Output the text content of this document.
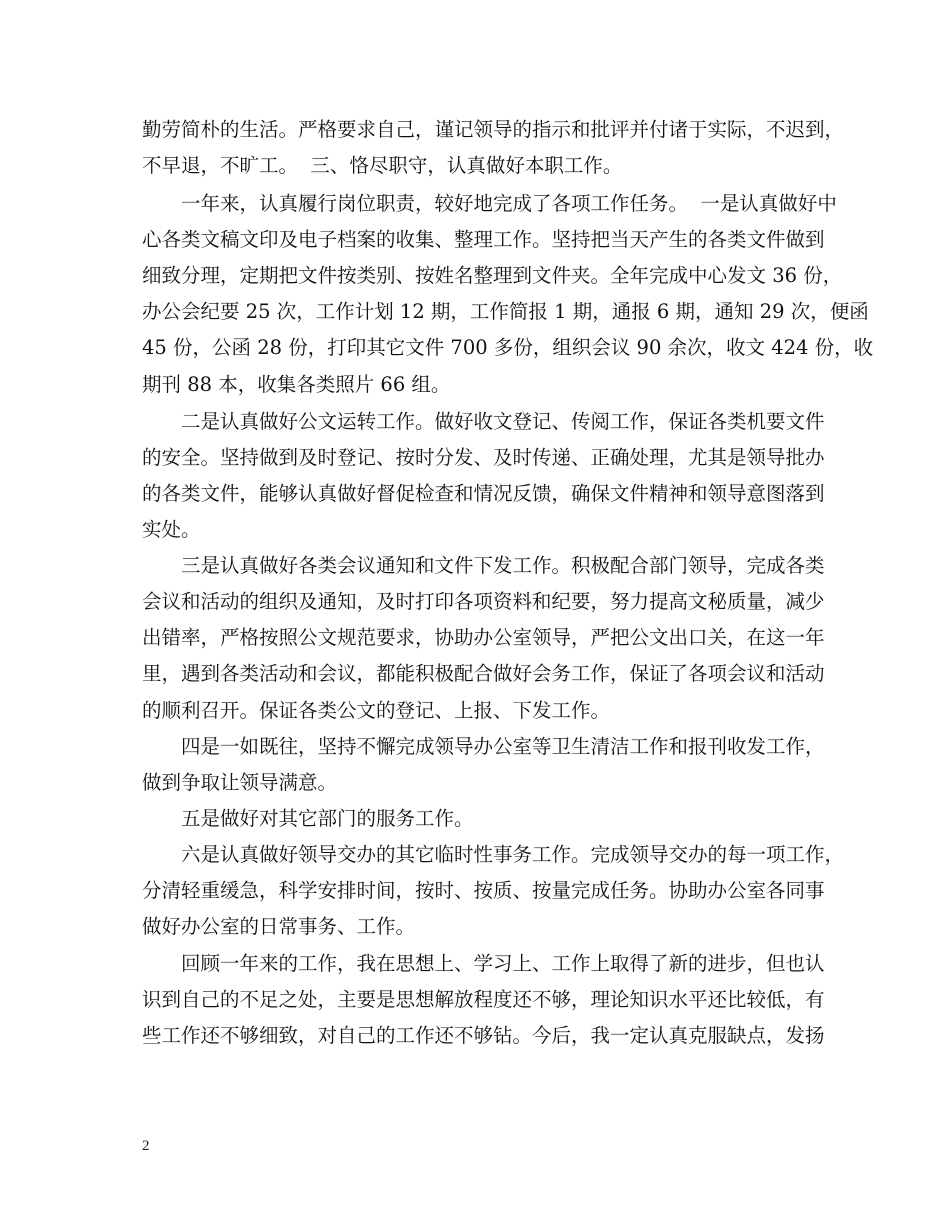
勤劳简朴的生活。严格要求自己，谨记领导的指示和批评并付诸于实际，不迟到，
不早退，不旷工。  三、恪尽职守，认真做好本职工作。
一年来，认真履行岗位职责，较好地完成了各项工作任务。  一是认真做好中
心各类文稿文印及电子档案的收集、整理工作。坚持把当天产生的各类文件做到
细致分理，定期把文件按类别、按姓名整理到文件夹。全年完成中心发文 36 份，
办公会纪要 25 次，工作计划 12 期，工作简报 1 期，通报 6 期，通知 29 次，便函
45 份，公函 28 份，打印其它文件 700 多份，组织会议 90 余次，收文 424 份，收
期刊 88 本，收集各类照片 66 组。
二是认真做好公文运转工作。做好收文登记、传阅工作，保证各类机要文件
的安全。坚持做到及时登记、按时分发、及时传递、正确处理，尤其是领导批办
的各类文件，能够认真做好督促检查和情况反馈，确保文件精神和领导意图落到
实处。
三是认真做好各类会议通知和文件下发工作。积极配合部门领导，完成各类
会议和活动的组织及通知，及时打印各项资料和纪要，努力提高文秘质量，减少
出错率，严格按照公文规范要求，协助办公室领导，严把公文出口关，在这一年
里，遇到各类活动和会议，都能积极配合做好会务工作，保证了各项会议和活动
的顺利召开。保证各类公文的登记、上报、下发工作。
四是一如既往，坚持不懈完成领导办公室等卫生清洁工作和报刊收发工作，
做到争取让领导满意。
五是做好对其它部门的服务工作。
六是认真做好领导交办的其它临时性事务工作。完成领导交办的每一项工作，
分清轻重缓急，科学安排时间，按时、按质、按量完成任务。协助办公室各同事
做好办公室的日常事务、工作。
回顾一年来的工作，我在思想上、学习上、工作上取得了新的进步，但也认
识到自己的不足之处，主要是思想解放程度还不够，理论知识水平还比较低，有
些工作还不够细致，对自己的工作还不够钻。今后，我一定认真克服缺点，发扬
2
